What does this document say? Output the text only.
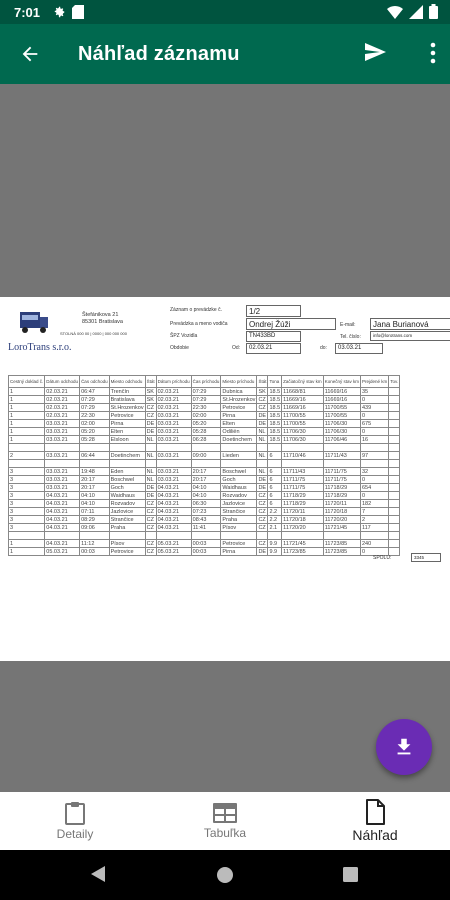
7:01
Náhľad záznamu
Štefánikova 21
85301 Bratislava
STOLNÁ 000 00 | 0000 | 000 000 000
LoroTrans s.r.o.
Záznam o prevádzke č.	1/2
Prevádzka a meno vodiča	Ondrej Žúži
ŠPZ Vozidla	TN433BD
Obdobie	Od:	02.03.21	do:	03.03.21
E-mail:	Jana Burianová
Tel. číslo:	info@lorotrans.com
Cestný doklad č.	Dátum odchodu	Čas odchodu	Miesto odchodu	Štát	Dátum príchodu	Čas príchodu	Miesto príchodu	Štát	Tona	Začiatočný stav km	Konečný stav km	Prejdené km	Tov.
1	02.03.21	06:47	Trenčín	SK	02.03.21	07:29	Dubnica	SK	18.5	11668/81	11669/16	35	
1	02.03.21	07:29	Bratislava	SK	02.03.21	07:29	St.Hrozenkov	CZ	18.5	11669/16	11669/16	0	
1	02.03.21	07:29	St.Hrozenkov	CZ	02.03.21	22:30	Petrovice	CZ	18.5	11669/16	11700/55	439	
1	02.03.21	22:30	Petrovice	CZ	03.03.21	02:00	Pirna	DE	18.5	11700/55	11700/55	0	
1	03.03.21	02:00	Pirna	DE	03.03.21	05:20	Elten	DE	18.5	11700/55	11706/30	675	
1	03.03.21	05:20	Elten	DE	03.03.21	05:28	Odiliën	NL	18.5	11706/30	11706/30	0	
1	03.03.21	05:28	Elsloon	NL	03.03.21	06:28	Doetinchem	NL	18.5	11706/30	11706/46	16	

2	03.03.21	06:44	Doetinchem	NL	03.03.21	09:00	Lieden	NL	6	11710/46	11711/43	97	

3	03.03.21	19:48	Eden	NL	03.03.21	20:17	Boschwel	NL	6	11711/43	11711/75	32	
3	03.03.21	20:17	Boschwel	NL	03.03.21	20:17	Goch	DE	6	11711/75	11711/75	0	
3	03.03.21	20:17	Goch	DE	04.03.21	04:10	Waidhaus	DE	6	11711/75	11718/29	654	
3	04.03.21	04:10	Waidhaus	DE	04.03.21	04:10	Rozvadov	CZ	6	11718/29	11718/29	0	
3	04.03.21	04:10	Rozvadov	CZ	04.03.21	06:30	Jazlovice	CZ	6	11718/29	11720/11	182	
3	04.03.21	07:11	Jazlovice	CZ	04.03.21	07:23	Strančice	CZ	2.2	11720/11	11720/18	7	
3	04.03.21	08:29	Strančice	CZ	04.03.21	08:43	Praha	CZ	2.2	11720/18	11720/20	2	
3	04.03.21	09:06	Praha	CZ	04.03.21	11:41	Písov	CZ	2.1	11720/20	11721/45	117	

1	04.03.21	11:12	Písov	CZ	05.03.21	00:03	Petrovice	CZ	9.9	11721/45	11723/85	240	
1	05.03.21	00:03	Petrovice	CZ	05.03.21	00:03	Pirna	DE	9.9	11723/85	11723/85	0	
SPOLU:	3345
Detaily	Tabuľka	Náhľad
